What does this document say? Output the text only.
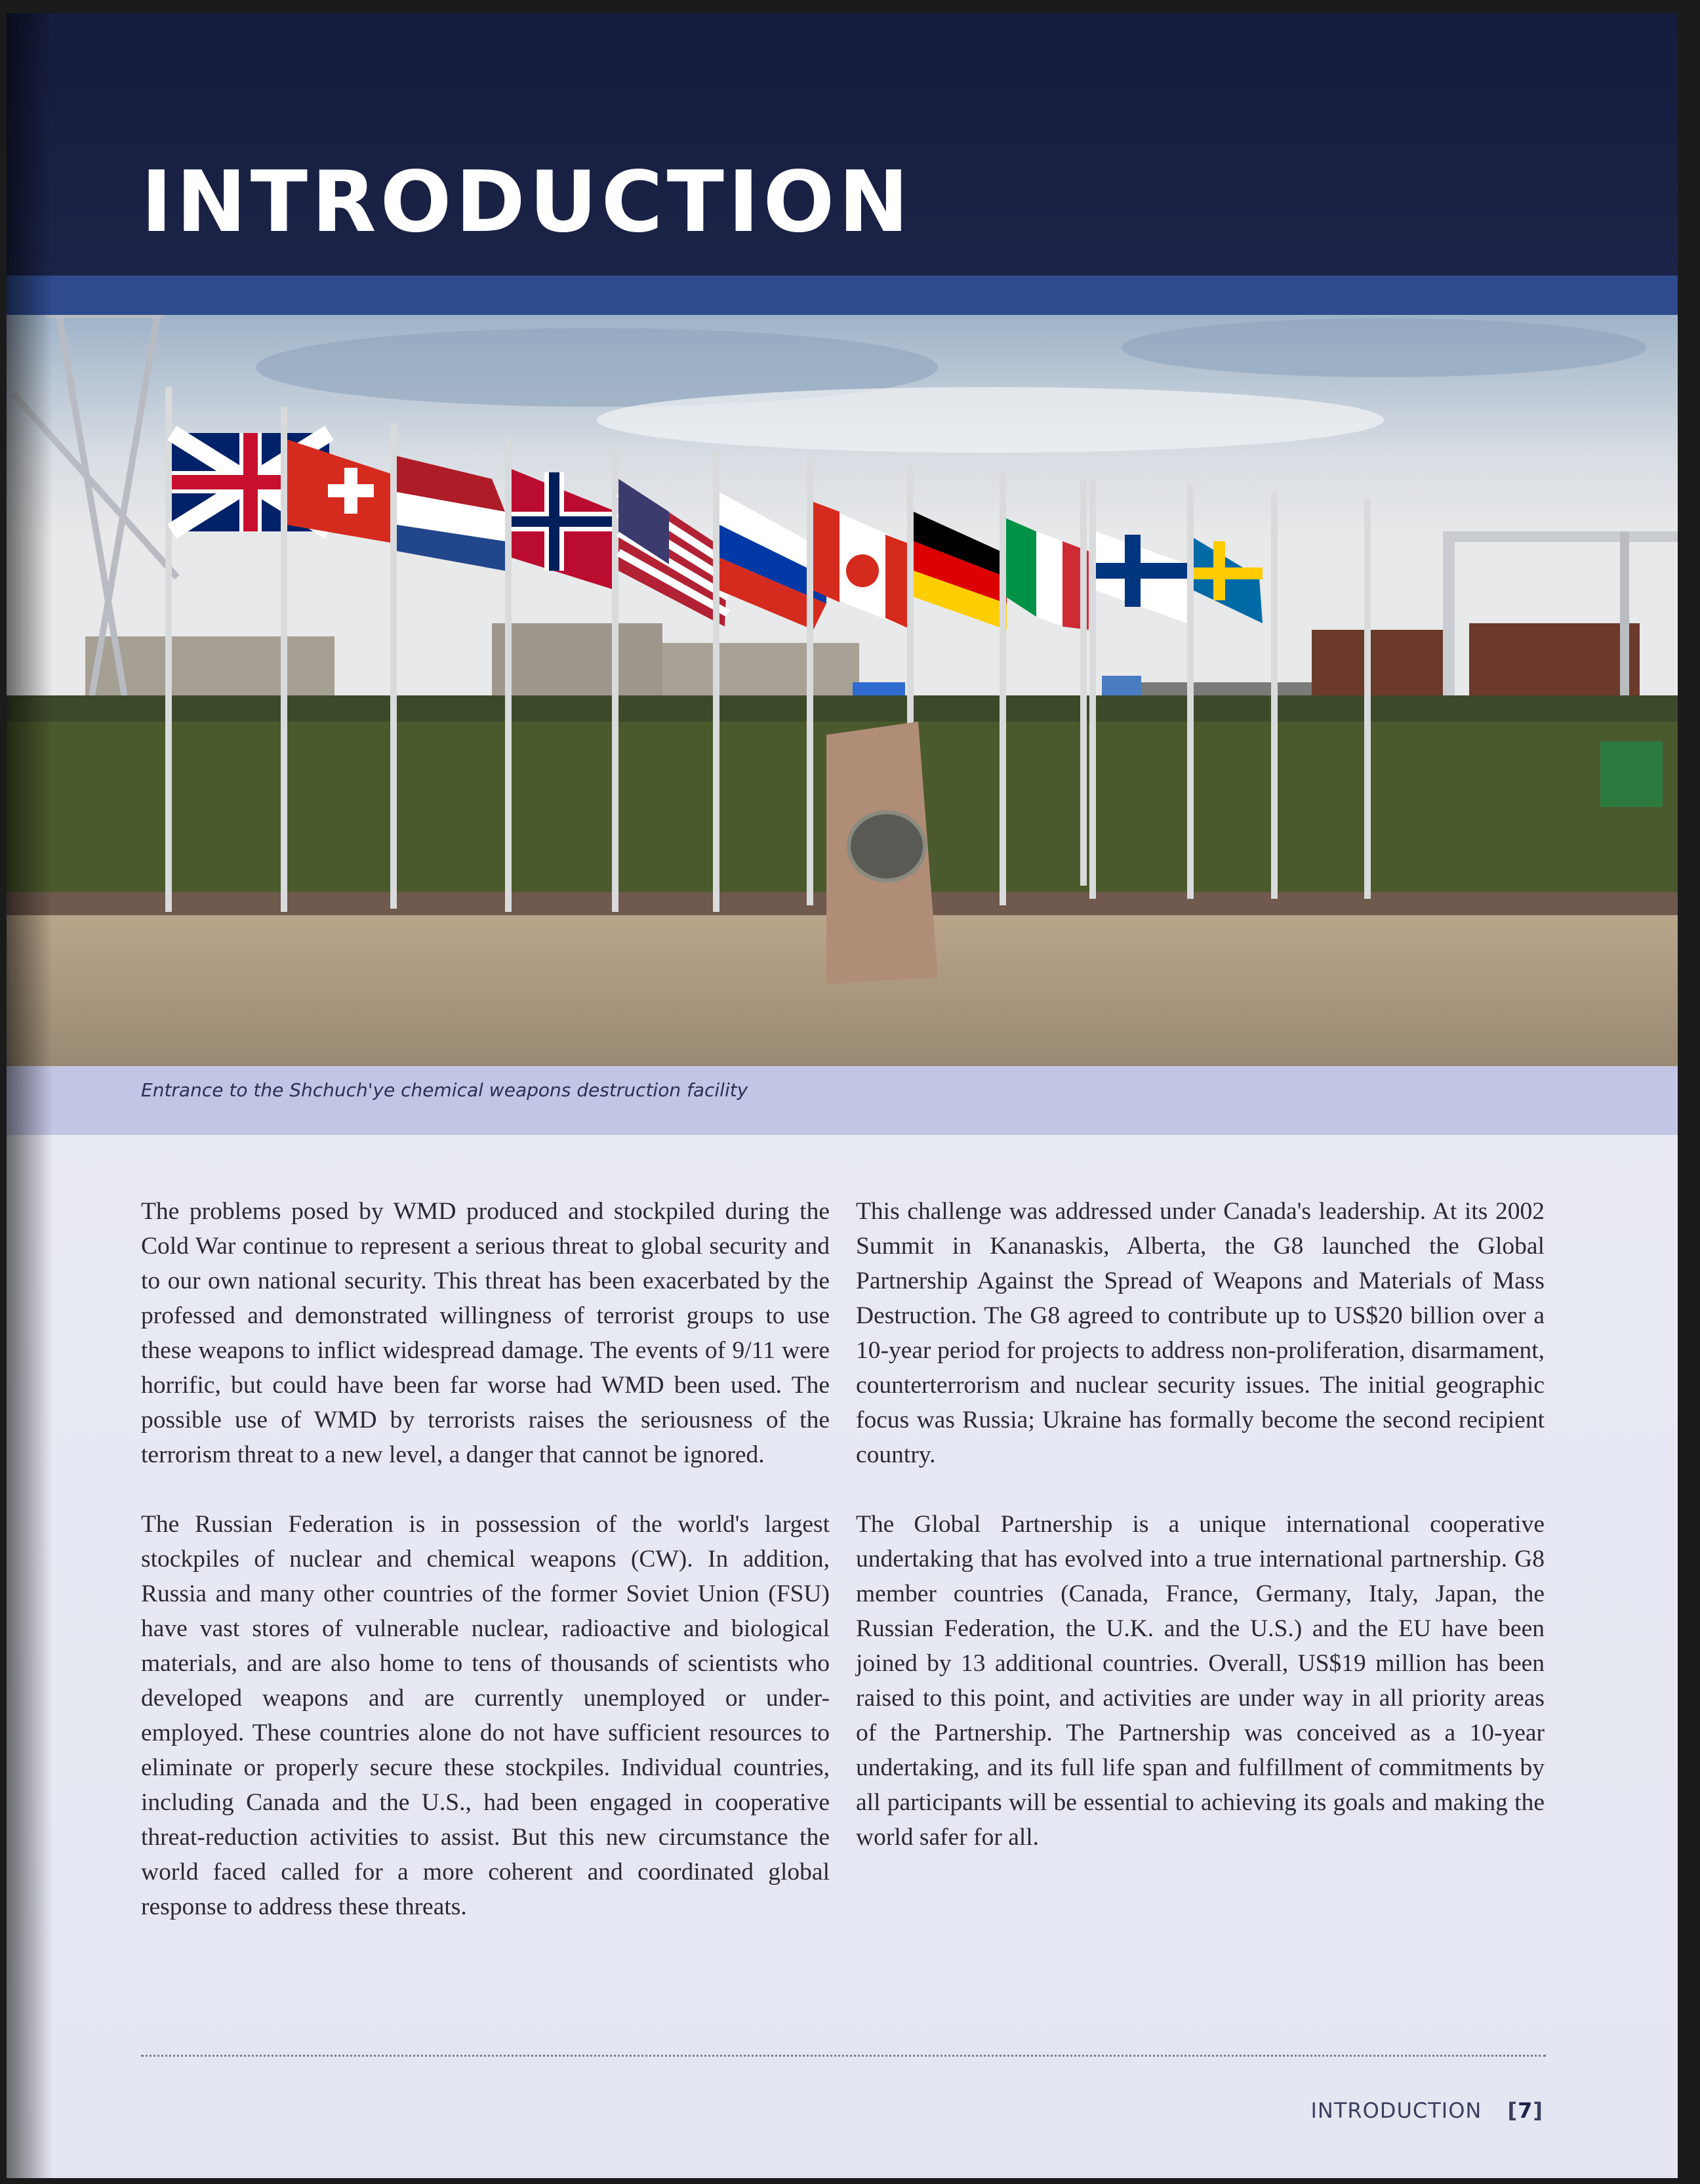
INTRODUCTION

Entrance to the Shchuch'ye chemical weapons destruction facility

The problems posed by WMD produced and stockpiled during the Cold War continue to represent a serious threat to global security and to our own national security. This threat has been exacerbated by the professed and demonstrated willingness of terrorist groups to use these weapons to inflict widespread damage. The events of 9/11 were horrific, but could have been far worse had WMD been used. The possible use of WMD by terrorists raises the seriousness of the terrorism threat to a new level, a danger that cannot be ignored.

The Russian Federation is in possession of the world's largest stockpiles of nuclear and chemical weapons (CW). In addition, Russia and many other countries of the former Soviet Union (FSU) have vast stores of vulnerable nuclear, radioactive and biological materials, and are also home to tens of thousands of scientists who developed weapons and are currently unemployed or under-employed. These countries alone do not have sufficient resources to eliminate or properly secure these stockpiles. Individual countries, including Canada and the U.S., had been engaged in cooperative threat-reduction activities to assist. But this new circumstance the world faced called for a more coherent and coordinated global response to address these threats.

This challenge was addressed under Canada's leadership. At its 2002 Summit in Kananaskis, Alberta, the G8 launched the Global Partnership Against the Spread of Weapons and Materials of Mass Destruction. The G8 agreed to contribute up to US$20 billion over a 10-year period for projects to address non-proliferation, disarmament, counterterrorism and nuclear security issues. The initial geographic focus was Russia; Ukraine has formally become the second recipient country.

The Global Partnership is a unique international cooperative undertaking that has evolved into a true international partnership. G8 member countries (Canada, France, Germany, Italy, Japan, the Russian Federation, the U.K. and the U.S.) and the EU have been joined by 13 additional countries. Overall, US$19 million has been raised to this point, and activities are under way in all priority areas of the Partnership. The Partnership was conceived as a 10-year undertaking, and its full life span and fulfillment of commitments by all participants will be essential to achieving its goals and making the world safer for all.

INTRODUCTION [7]
